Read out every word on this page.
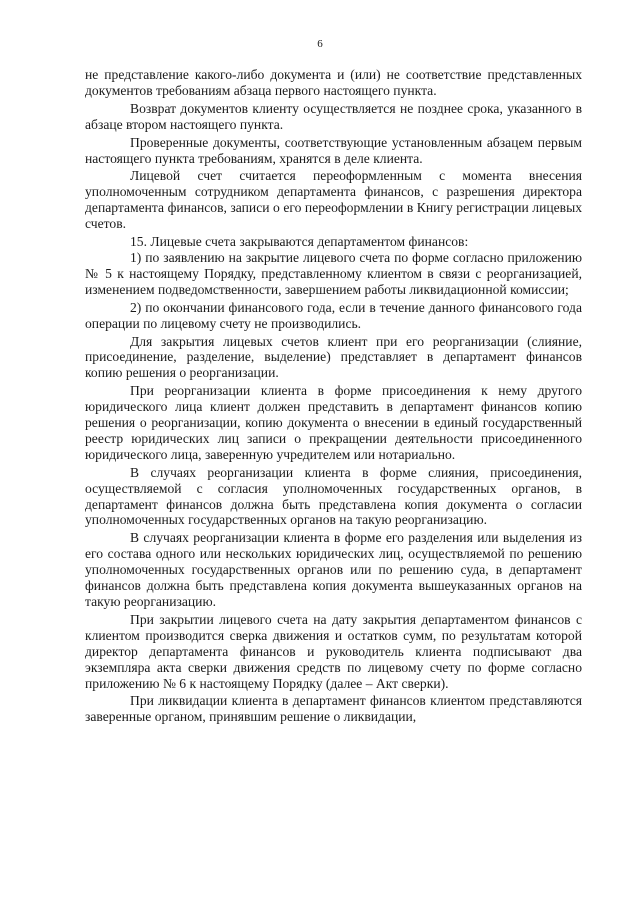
6

не представление какого-либо документа и (или) не соответствие представленных документов требованиям абзаца первого настоящего пункта.

Возврат документов клиенту осуществляется не позднее срока, указанного в абзаце втором настоящего пункта.

Проверенные документы, соответствующие установленным абзацем первым настоящего пункта требованиям, хранятся в деле клиента.

Лицевой счет считается переоформленным с момента внесения уполномоченным сотрудником департамента финансов, с разрешения директора департамента финансов, записи о его переоформлении в Книгу регистрации лицевых счетов.

15. Лицевые счета закрываются департаментом финансов:

1) по заявлению на закрытие лицевого счета по форме согласно приложению № 5 к настоящему Порядку, представленному клиентом в связи с реорганизацией, изменением подведомственности, завершением работы ликвидационной комиссии;

2) по окончании финансового года, если в течение данного финансового года операции по лицевому счету не производились.

Для закрытия лицевых счетов клиент при его реорганизации (слияние, присоединение, разделение, выделение) представляет в департамент финансов копию решения о реорганизации.

При реорганизации клиента в форме присоединения к нему другого юридического лица клиент должен представить в департамент финансов копию решения о реорганизации, копию документа о внесении в единый государственный реестр юридических лиц записи о прекращении деятельности присоединенного юридического лица, заверенную учредителем или нотариально.

В случаях реорганизации клиента в форме слияния, присоединения, осуществляемой с согласия уполномоченных государственных органов, в департамент финансов должна быть представлена копия документа о согласии уполномоченных государственных органов на такую реорганизацию.

В случаях реорганизации клиента в форме его разделения или выделения из его состава одного или нескольких юридических лиц, осуществляемой по решению уполномоченных государственных органов или по решению суда, в департамент финансов должна быть представлена копия документа вышеуказанных органов на такую реорганизацию.

При закрытии лицевого счета на дату закрытия департаментом финансов с клиентом производится сверка движения и остатков сумм, по результатам которой директор департамента финансов и руководитель клиента подписывают два экземпляра акта сверки движения средств по лицевому счету по форме согласно приложению № 6 к настоящему Порядку (далее – Акт сверки).

При ликвидации клиента в департамент финансов клиентом представляются заверенные органом, принявшим решение о ликвидации,
